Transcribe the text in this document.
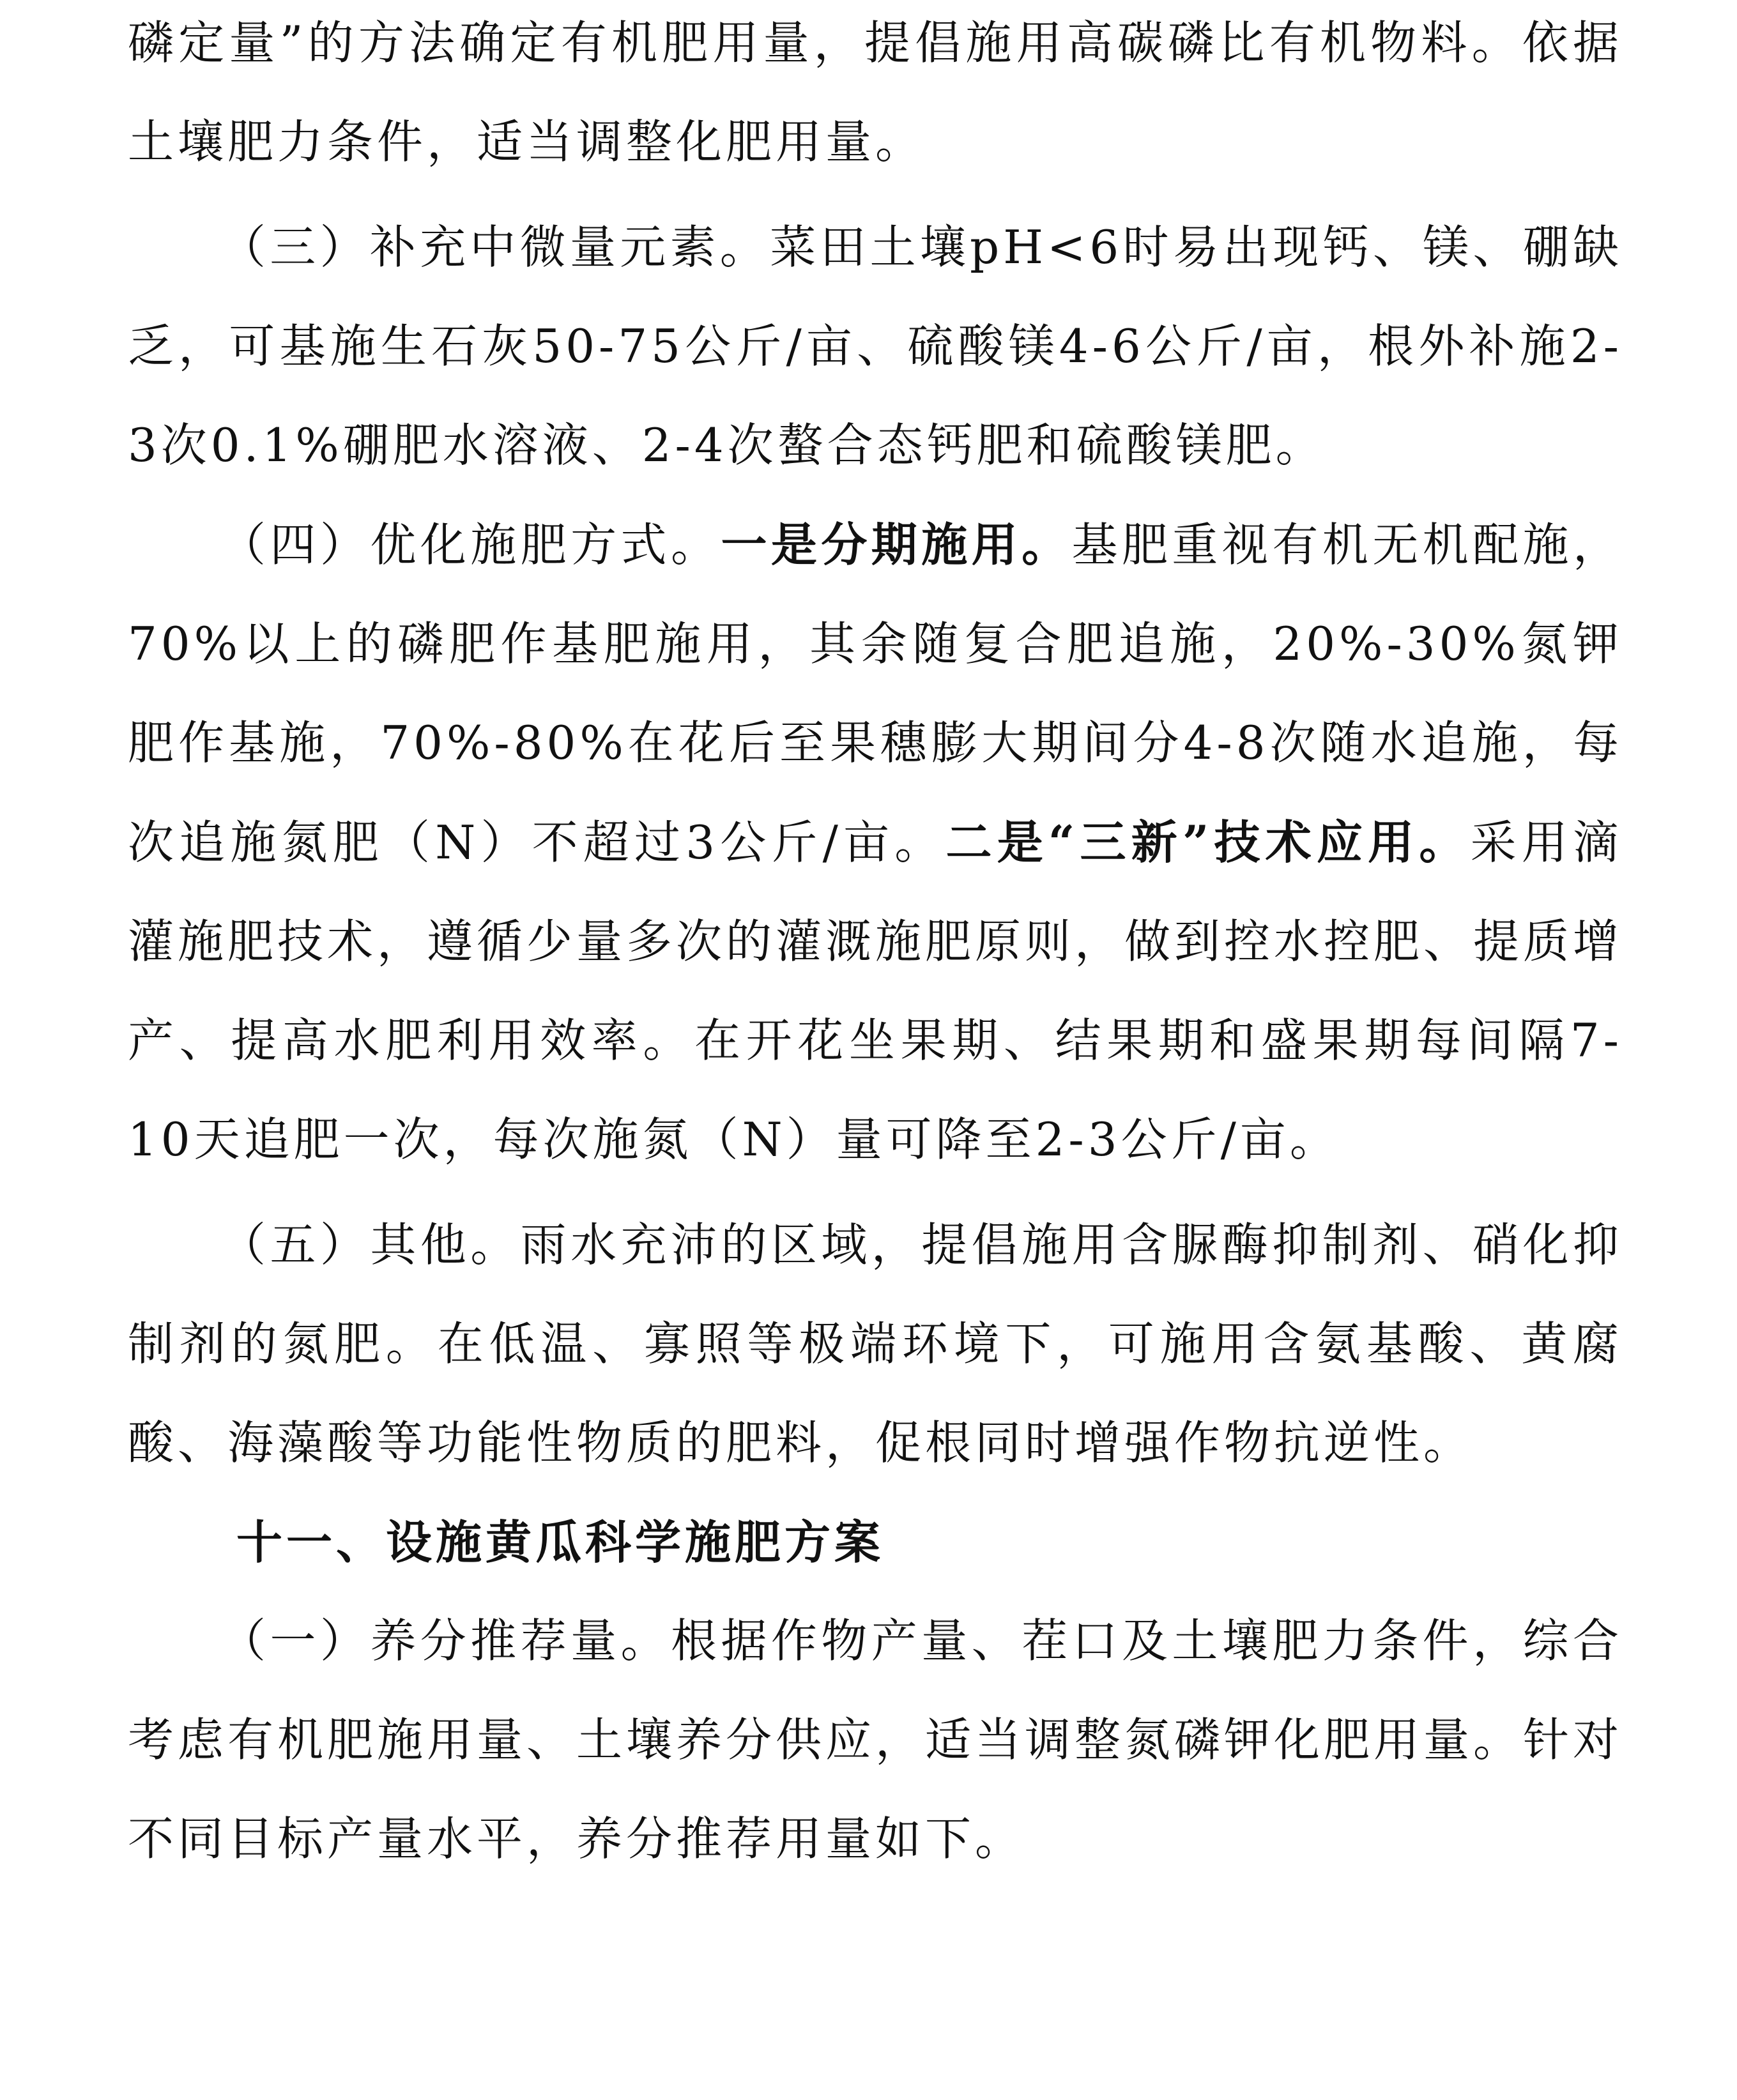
磷定量”的方法确定有机肥用量，提倡施用高碳磷比有机物料。依据土壤肥力条件，适当调整化肥用量。

（三）补充中微量元素。菜田土壤pH<6时易出现钙、镁、硼缺乏，可基施生石灰50-75公斤/亩、硫酸镁4-6公斤/亩，根外补施2-3次0.1%硼肥水溶液、2-4次螯合态钙肥和硫酸镁肥。

（四）优化施肥方式。一是分期施用。基肥重视有机无机配施，70%以上的磷肥作基肥施用，其余随复合肥追施，20%-30%氮钾肥作基施，70%-80%在花后至果穗膨大期间分4-8次随水追施，每次追施氮肥（N）不超过3公斤/亩。二是“三新”技术应用。采用滴灌施肥技术，遵循少量多次的灌溉施肥原则，做到控水控肥、提质增产、提高水肥利用效率。在开花坐果期、结果期和盛果期每间隔7-10天追肥一次，每次施氮（N）量可降至2-3公斤/亩。

（五）其他。雨水充沛的区域，提倡施用含脲酶抑制剂、硝化抑制剂的氮肥。在低温、寡照等极端环境下，可施用含氨基酸、黄腐酸、海藻酸等功能性物质的肥料，促根同时增强作物抗逆性。

十一、设施黄瓜科学施肥方案

（一）养分推荐量。根据作物产量、茬口及土壤肥力条件，综合考虑有机肥施用量、土壤养分供应，适当调整氮磷钾化肥用量。针对不同目标产量水平，养分推荐用量如下。
